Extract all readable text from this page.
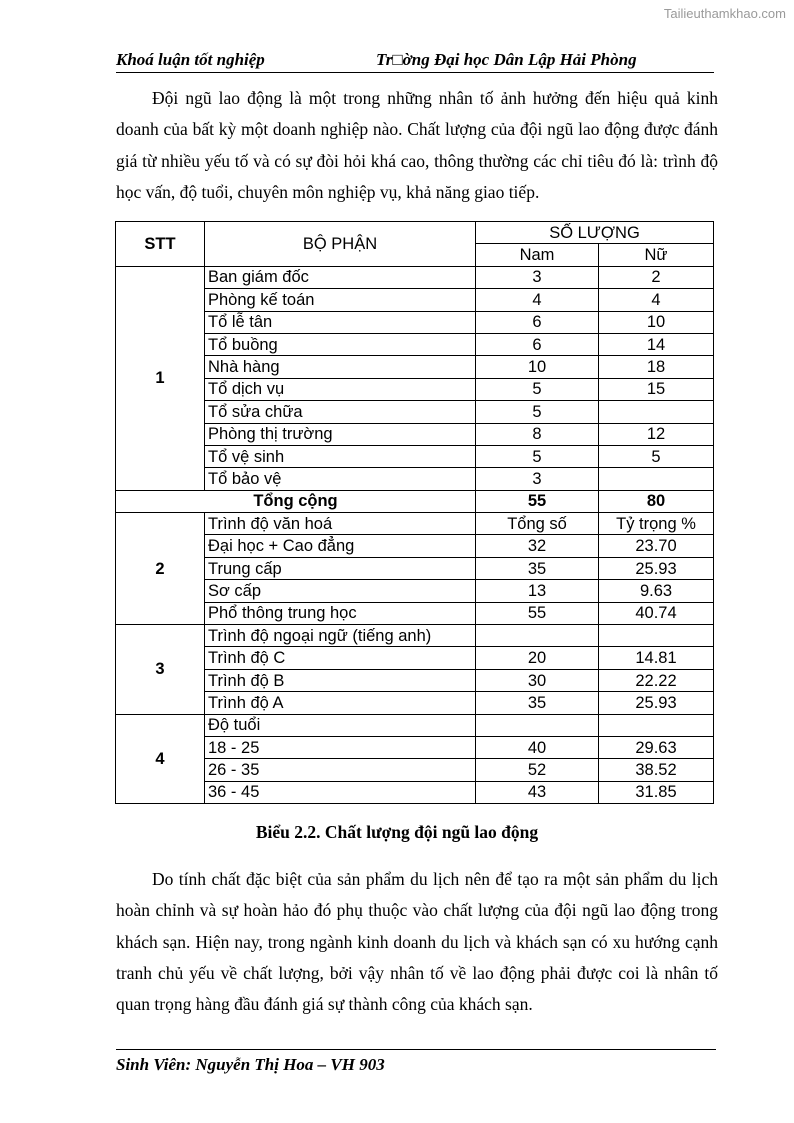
Tailieuthamkhao.com
Khoá luận tốt nghiệp	Tr□ờng Đại học Dân Lập Hải Phòng

Đội ngũ lao động là một trong những nhân tố ảnh hưởng đến hiệu quả kinh doanh của bất kỳ một doanh nghiệp nào. Chất lượng của đội ngũ lao động được đánh giá từ nhiều yếu tố và có sự đòi hỏi khá cao, thông thường các chỉ tiêu đó là: trình độ học vấn, độ tuổi, chuyên môn nghiệp vụ, khả năng giao tiếp.

STT	BỘ PHẬN	SỐ LƯỢNG	
		Nam	Nữ
1	Ban giám đốc	3	2
	Phòng kế toán	4	4
	Tổ lễ tân	6	10
	Tổ buồng	6	14
	Nhà hàng	10	18
	Tổ dịch vụ	5	15
	Tổ sửa chữa	5	
	Phòng thị trường	8	12
	Tổ vệ sinh	5	5
	Tổ bảo vệ	3	
Tổng cộng		55	80
2	Trình độ văn hoá	Tổng số	Tỷ trọng %
	Đại học + Cao đẳng	32	23.70
	Trung cấp	35	25.93
	Sơ cấp	13	9.63
	Phổ thông trung học	55	40.74
3	Trình độ ngoại ngữ (tiếng anh)		
	Trình độ C	20	14.81
	Trình độ B	30	22.22
	Trình độ A	35	25.93
4	Độ tuổi		
	18 - 25	40	29.63
	26 - 35	52	38.52
	36 - 45	43	31.85
Biểu 2.2. Chất lượng đội ngũ lao động

Do tính chất đặc biệt của sản phẩm du lịch nên để tạo ra một sản phẩm du lịch hoàn chỉnh và sự hoàn hảo đó phụ thuộc vào chất lượng của đội ngũ lao động trong khách sạn. Hiện nay, trong ngành kinh doanh du lịch và khách sạn có xu hướng cạnh tranh chủ yếu về chất lượng, bởi vậy nhân tố về lao động phải được coi là nhân tố quan trọng hàng đầu đánh giá sự thành công của khách sạn.

Sinh Viên: Nguyễn Thị Hoa – VH 903
